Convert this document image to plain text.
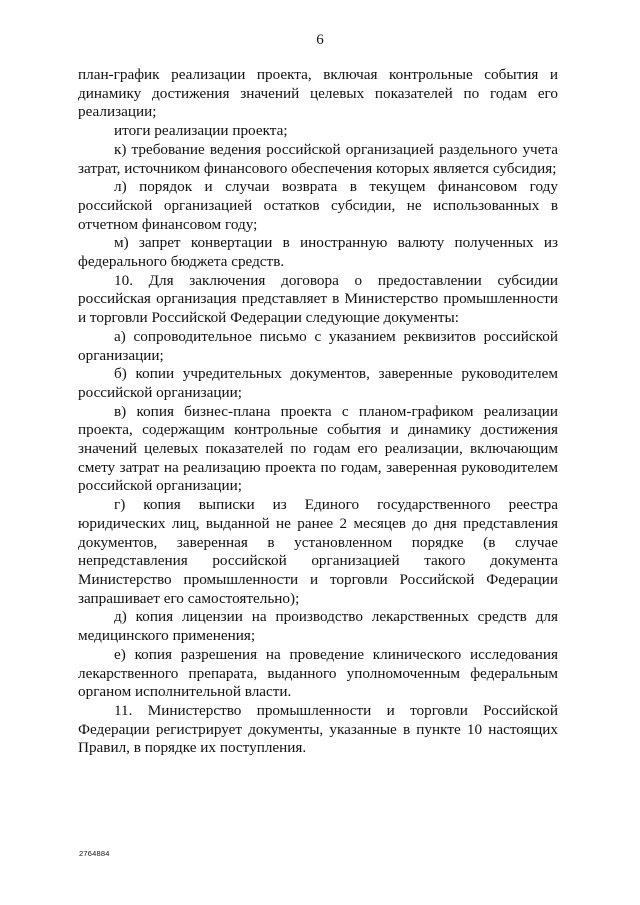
6

план-график реализации проекта, включая контрольные события и динамику достижения значений целевых показателей по годам его реализации;

итоги реализации проекта;

к) требование ведения российской организацией раздельного учета затрат, источником финансового обеспечения которых является субсидия;

л) порядок и случаи возврата в текущем финансовом году российской организацией остатков субсидии, не использованных в отчетном финансовом году;

м) запрет конвертации в иностранную валюту полученных из федерального бюджета средств.

10. Для заключения договора о предоставлении субсидии российская организация представляет в Министерство промышленности и торговли Российской Федерации следующие документы:

а) сопроводительное письмо с указанием реквизитов российской организации;

б) копии учредительных документов, заверенные руководителем российской организации;

в) копия бизнес-плана проекта с планом-графиком реализации проекта, содержащим контрольные события и динамику достижения значений целевых показателей по годам его реализации, включающим смету затрат на реализацию проекта по годам, заверенная руководителем российской организации;

г) копия выписки из Единого государственного реестра юридических лиц, выданной не ранее 2 месяцев до дня представления документов, заверенная в установленном порядке (в случае непредставления российской организацией такого документа Министерство промышленности и торговли Российской Федерации запрашивает его самостоятельно);

д) копия лицензии на производство лекарственных средств для медицинского применения;

е) копия разрешения на проведение клинического исследования лекарственного препарата, выданного уполномоченным федеральным органом исполнительной власти.

11. Министерство промышленности и торговли Российской Федерации регистрирует документы, указанные в пункте 10 настоящих Правил, в порядке их поступления.

2764884
